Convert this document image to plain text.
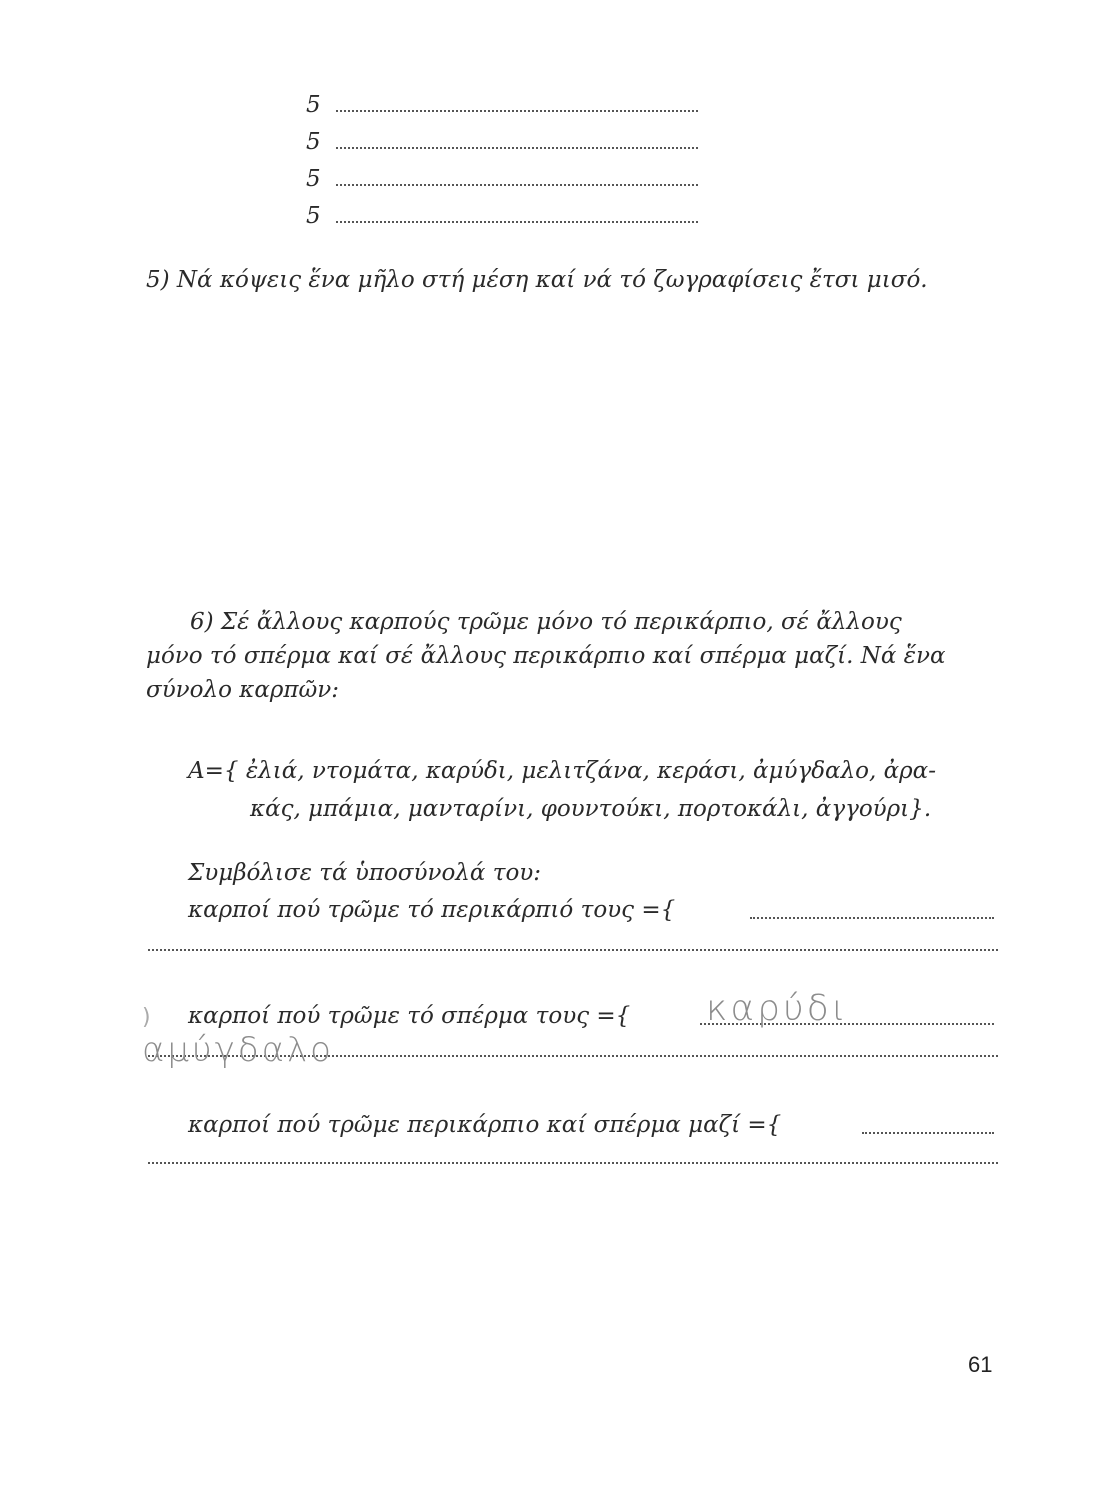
5
5
5
5
5) Νά κόψεις ἕνα μῆλο στή μέση καί νά τό ζωγραφίσεις ἔτσι μισό.
6) Σέ ἄλλους καρπούς τρῶμε μόνο τό περικάρπιο, σέ ἄλλους
μόνο τό σπέρμα καί σέ ἄλλους περικάρπιο καί σπέρμα μαζί. Νά ἕνα
σύνολο καρπῶν:
Α={ ἐλιά, ντομάτα, καρύδι, μελιτζάνα, κεράσι, ἀμύγδαλο, ἀρα-
κάς, μπάμια, μανταρίνι, φουντούκι, πορτοκάλι, ἀγγούρι}.
Συμβόλισε τά ὑποσύνολά του:
καρποί πού τρῶμε τό περικάρπιό τους ={
) καρποί πού τρῶμε τό σπέρμα τους ={ καρύδι
αμύγδαλο
καρποί πού τρῶμε περικάρπιο καί σπέρμα μαζί ={
61
